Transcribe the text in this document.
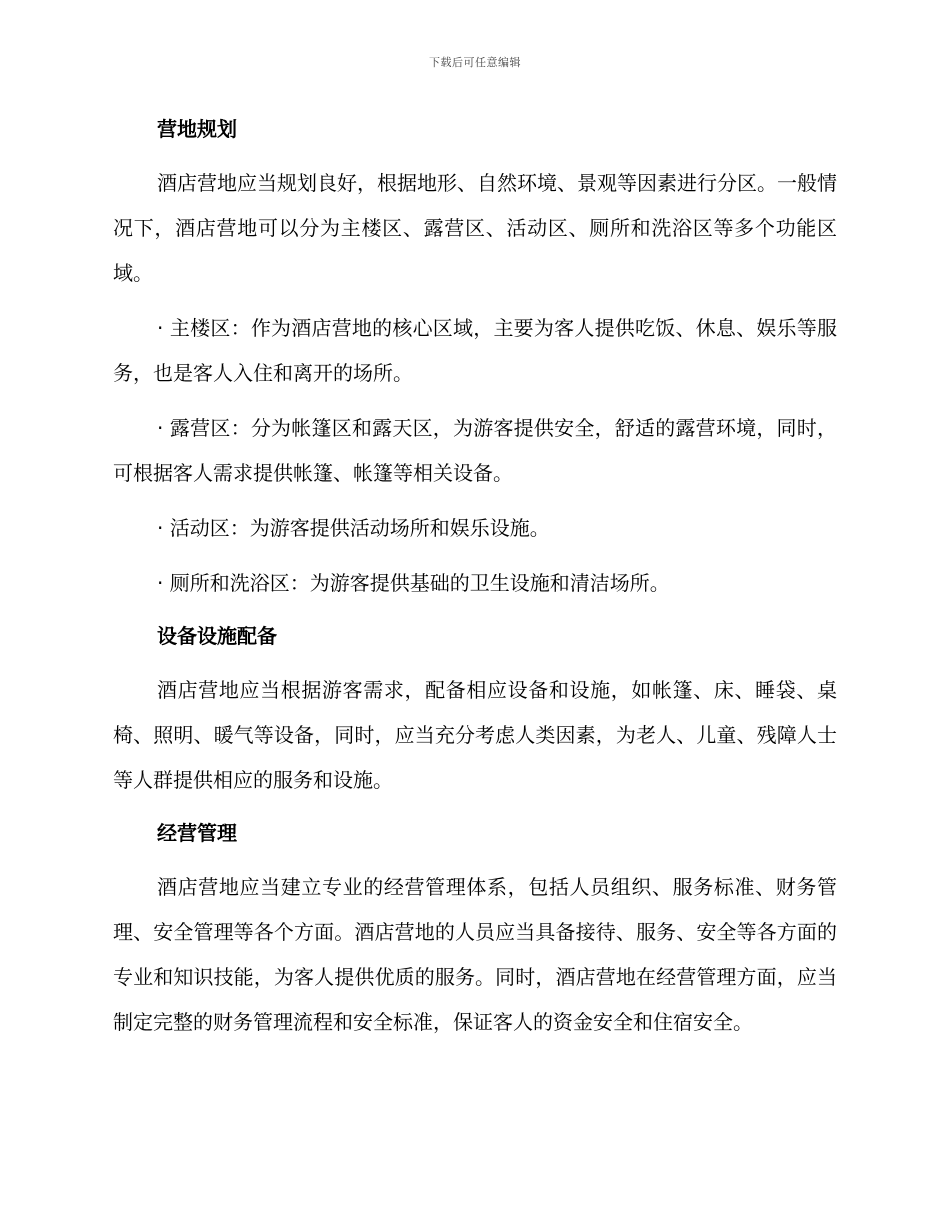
下载后可任意编辑
营地规划

酒店营地应当规划良好，根据地形、自然环境、景观等因素进行分区。一般情况下，酒店营地可以分为主楼区、露营区、活动区、厕所和洗浴区等多个功能区域。

· 主楼区：作为酒店营地的核心区域，主要为客人提供吃饭、休息、娱乐等服务，也是客人入住和离开的场所。

· 露营区：分为帐篷区和露天区，为游客提供安全，舒适的露营环境，同时，可根据客人需求提供帐篷、帐篷等相关设备。

· 活动区：为游客提供活动场所和娱乐设施。

· 厕所和洗浴区：为游客提供基础的卫生设施和清洁场所。

设备设施配备

酒店营地应当根据游客需求，配备相应设备和设施，如帐篷、床、睡袋、桌椅、照明、暖气等设备，同时，应当充分考虑人类因素，为老人、儿童、残障人士等人群提供相应的服务和设施。

经营管理

酒店营地应当建立专业的经营管理体系，包括人员组织、服务标准、财务管理、安全管理等各个方面。酒店营地的人员应当具备接待、服务、安全等各方面的专业和知识技能，为客人提供优质的服务。同时，酒店营地在经营管理方面，应当制定完整的财务管理流程和安全标准，保证客人的资金安全和住宿安全。
